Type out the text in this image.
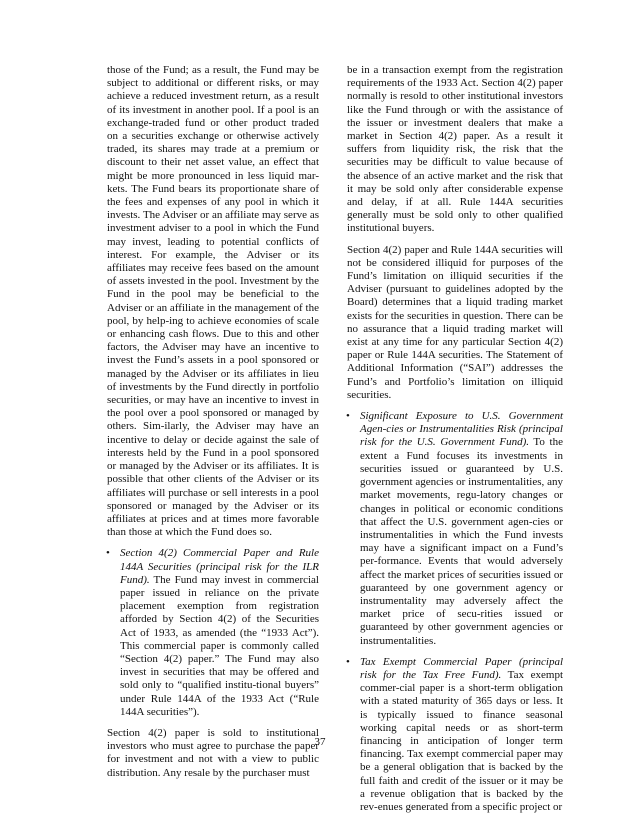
those of the Fund; as a result, the Fund may be subject to additional or different risks, or may achieve a reduced investment return, as a result of its investment in another pool. If a pool is an exchange-traded fund or other product traded on a securities exchange or otherwise actively traded, its shares may trade at a premium or discount to their net asset value, an effect that might be more pronounced in less liquid mar-kets. The Fund bears its proportionate share of the fees and expenses of any pool in which it invests. The Adviser or an affiliate may serve as investment adviser to a pool in which the Fund may invest, leading to potential conflicts of interest. For example, the Adviser or its affiliates may receive fees based on the amount of assets invested in the pool. Investment by the Fund in the pool may be beneficial to the Adviser or an affiliate in the management of the pool, by help-ing to achieve economies of scale or enhancing cash flows. Due to this and other factors, the Adviser may have an incentive to invest the Fund’s assets in a pool sponsored or managed by the Adviser or its affiliates in lieu of investments by the Fund directly in portfolio securities, or may have an incentive to invest in the pool over a pool sponsored or managed by others. Sim-ilarly, the Adviser may have an incentive to delay or decide against the sale of interests held by the Fund in a pool sponsored or managed by the Adviser or its affiliates. It is possible that other clients of the Adviser or its affiliates will purchase or sell interests in a pool sponsored or managed by the Adviser or its affiliates at prices and at times more favorable than those at which the Fund does so.

• Section 4(2) Commercial Paper and Rule 144A Securities (principal risk for the ILR Fund). The Fund may invest in commercial paper issued in reliance on the private placement exemption from registration afforded by Section 4(2) of the Securities Act of 1933, as amended (the “1933 Act”). This commercial paper is commonly called “Section 4(2) paper.” The Fund may also invest in securities that may be offered and sold only to “qualified institu-tional buyers” under Rule 144A of the 1933 Act (“Rule 144A securities”).

Section 4(2) paper is sold to institutional investors who must agree to purchase the paper for investment and not with a view to public distribution. Any resale by the purchaser must

be in a transaction exempt from the registration requirements of the 1933 Act. Section 4(2) paper normally is resold to other institutional investors like the Fund through or with the assistance of the issuer or investment dealers that make a market in Section 4(2) paper. As a result it suffers from liquidity risk, the risk that the securities may be difficult to value because of the absence of an active market and the risk that it may be sold only after considerable expense and delay, if at all. Rule 144A securities generally must be sold only to other qualified institutional buyers.

Section 4(2) paper and Rule 144A securities will not be considered illiquid for purposes of the Fund’s limitation on illiquid securities if the Adviser (pursuant to guidelines adopted by the Board) determines that a liquid trading market exists for the securities in question. There can be no assurance that a liquid trading market will exist at any time for any particular Section 4(2) paper or Rule 144A securities. The Statement of Additional Information (“SAI”) addresses the Fund’s and Portfolio’s limitation on illiquid securities.

• Significant Exposure to U.S. Government Agen-cies or Instrumentalities Risk (principal risk for the U.S. Government Fund). To the extent a Fund focuses its investments in securities issued or guaranteed by U.S. government agencies or instrumentalities, any market movements, regu-latory changes or changes in political or economic conditions that affect the U.S. government agen-cies or instrumentalities in which the Fund invests may have a significant impact on a Fund’s per-formance. Events that would adversely affect the market prices of securities issued or guaranteed by one government agency or instrumentality may adversely affect the market price of secu-rities issued or guaranteed by other government agencies or instrumentalities.
• Tax Exempt Commercial Paper (principal risk for the Tax Free Fund). Tax exempt commer-cial paper is a short-term obligation with a stated maturity of 365 days or less. It is typically issued to finance seasonal working capital needs or as short-term financing in anticipation of longer term financing. Tax exempt commercial paper may be a general obligation that is backed by the full faith and credit of the issuer or it may be a revenue obligation that is backed by the rev-enues generated from a specific project or
37
